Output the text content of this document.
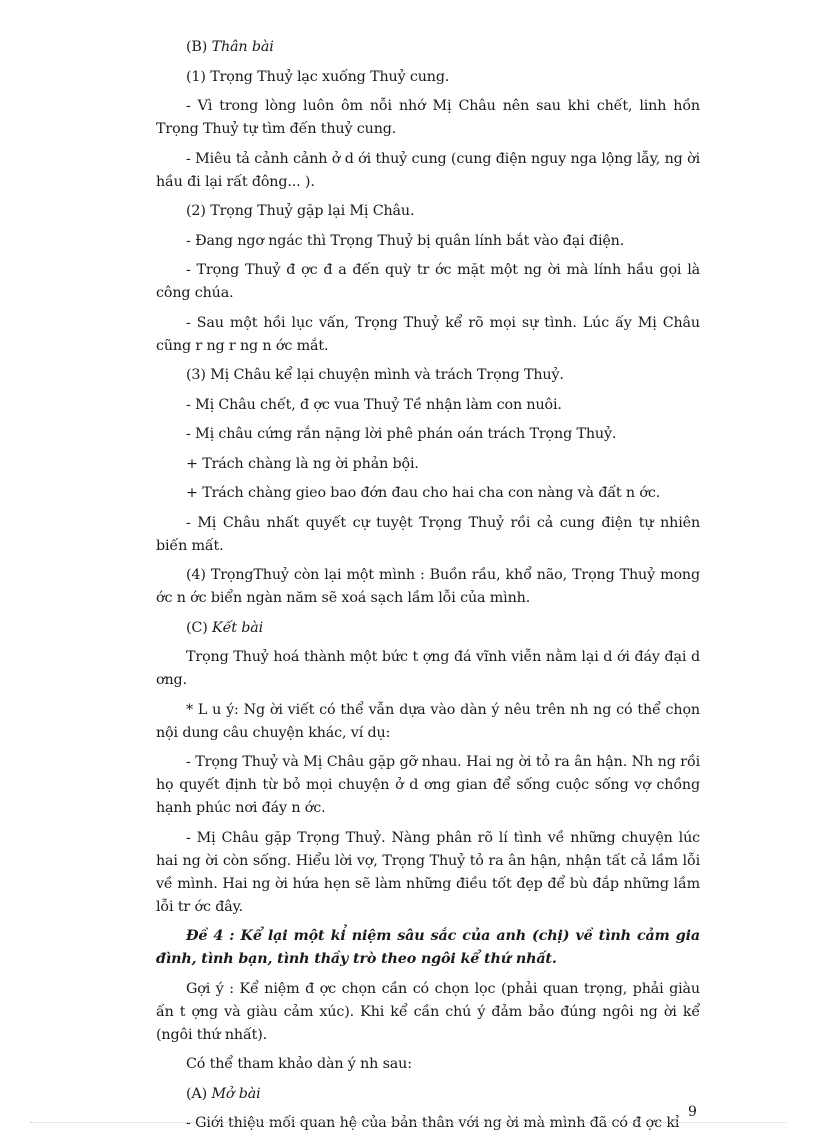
(B) Thân bài

(1) Trọng Thuỷ lạc xuống Thuỷ cung.

- Vì trong lòng luôn ôm nỗi nhớ Mị Châu nên sau khi chết, linh hồn Trọng Thuỷ tự tìm đến thuỷ cung.

- Miêu tả cảnh cảnh ở d ới thuỷ cung (cung điện nguy nga lộng lẫy, ng ời hầu đi lại rất đông... ).

(2) Trọng Thuỷ gặp lại Mị Châu.

- Đang ngơ ngác thì Trọng Thuỷ bị quân lính bắt vào đại điện.

- Trọng Thuỷ đ ợc đ a đến quỳ tr ớc mặt một ng ời mà lính hầu gọi là công chúa.

- Sau một hồi lục vấn, Trọng Thuỷ kể rõ mọi sự tình. Lúc ấy Mị Châu cũng r ng r ng n ớc mắt.

(3) Mị Châu kể lại chuyện mình và trách Trọng Thuỷ.

- Mị Châu chết, đ ợc vua Thuỷ Tề nhận làm con nuôi.

- Mị châu cứng rắn nặng lời phê phán oán trách Trọng Thuỷ.

+ Trách chàng là ng ời phản bội.

+ Trách chàng gieo bao đớn đau cho hai cha con nàng và đất n ớc.

- Mị Châu nhất quyết cự tuyệt Trọng Thuỷ rồi cả cung điện tự nhiên biến mất.

(4) TrọngThuỷ còn lại một mình : Buồn rầu, khổ não, Trọng Thuỷ mong ớc n ớc biển ngàn năm sẽ xoá sạch lầm lỗi của mình.

(C) Kết bài

Trọng Thuỷ hoá thành một bức t ợng đá vĩnh viễn nằm lại d ới đáy đại d ơng.

* L u ý: Ng ời viết có thể vẫn dựa vào dàn ý nêu trên nh ng có thể chọn nội dung câu chuyện khác, ví dụ:

- Trọng Thuỷ và Mị Châu gặp gỡ nhau. Hai ng ời tỏ ra ân hận. Nh ng rồi họ quyết định từ bỏ mọi chuyện ở d ơng gian để sống cuộc sống vợ chồng hạnh phúc nơi đáy n ớc.

- Mị Châu gặp Trọng Thuỷ. Nàng phân rõ lí tình về những chuyện lúc hai ng ời còn sống. Hiểu lời vợ, Trọng Thuỷ tỏ ra ân hận, nhận tất cả lầm lỗi về mình. Hai ng ời hứa hẹn sẽ làm những điều tốt đẹp để bù đắp những lầm lỗi tr ớc đây.

Đề 4 : Kể lại một kỉ niệm sâu sắc của anh (chị) về tình cảm gia đình, tình bạn, tình thầy trò theo ngôi kể thứ nhất.

Gợi ý : Kể niệm đ ợc chọn cần có chọn lọc (phải quan trọng, phải giàu ấn t ợng và giàu cảm xúc). Khi kể cần chú ý đảm bảo đúng ngôi ng ời kể (ngôi thứ nhất).

Có thể tham khảo dàn ý nh sau:

(A) Mở bài

- Giới thiệu mối quan hệ của bản thân với ng ời mà mình đã có đ ợc kỉ

9
